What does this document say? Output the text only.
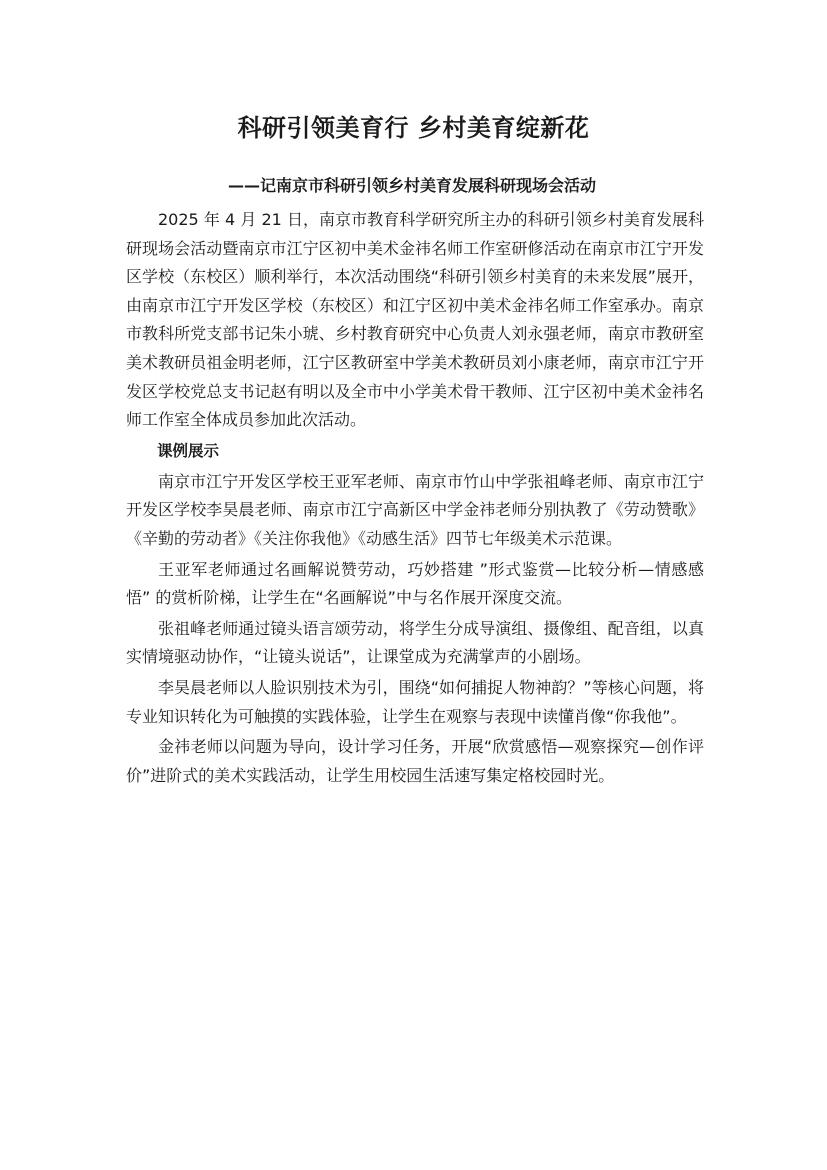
科研引领美育行 乡村美育绽新花
——记南京市科研引领乡村美育发展科研现场会活动

2025 年 4 月 21 日，南京市教育科学研究所主办的科研引领乡村美育发展科研现场会活动暨南京市江宁区初中美术金祎名师工作室研修活动在南京市江宁开发区学校（东校区）顺利举行，本次活动围绕“科研引领乡村美育的未来发展”展开，由南京市江宁开发区学校（东校区）和江宁区初中美术金祎名师工作室承办。南京市教科所党支部书记朱小琥、乡村教育研究中心负责人刘永强老师，南京市教研室美术教研员祖金明老师，江宁区教研室中学美术教研员刘小康老师，南京市江宁开发区学校党总支书记赵有明以及全市中小学美术骨干教师、江宁区初中美术金祎名师工作室全体成员参加此次活动。

课例展示

南京市江宁开发区学校王亚军老师、南京市竹山中学张祖峰老师、南京市江宁开发区学校李昊晨老师、南京市江宁高新区中学金祎老师分别执教了《劳动赞歌》《辛勤的劳动者》《关注你我他》《动感生活》四节七年级美术示范课。

王亚军老师通过名画解说赞劳动，巧妙搭建 ”形式鉴赏—比较分析—情感感悟” 的赏析阶梯，让学生在“名画解说”中与名作展开深度交流。

张祖峰老师通过镜头语言颂劳动，将学生分成导演组、摄像组、配音组，以真实情境驱动协作，“让镜头说话”，让课堂成为充满掌声的小剧场。

李昊晨老师以人脸识别技术为引，围绕“如何捕捉人物神韵？”等核心问题，将专业知识转化为可触摸的实践体验，让学生在观察与表现中读懂肖像“你我他”。

金祎老师以问题为导向，设计学习任务，开展“欣赏感悟—观察探究—创作评价”进阶式的美术实践活动，让学生用校园生活速写集定格校园时光。
